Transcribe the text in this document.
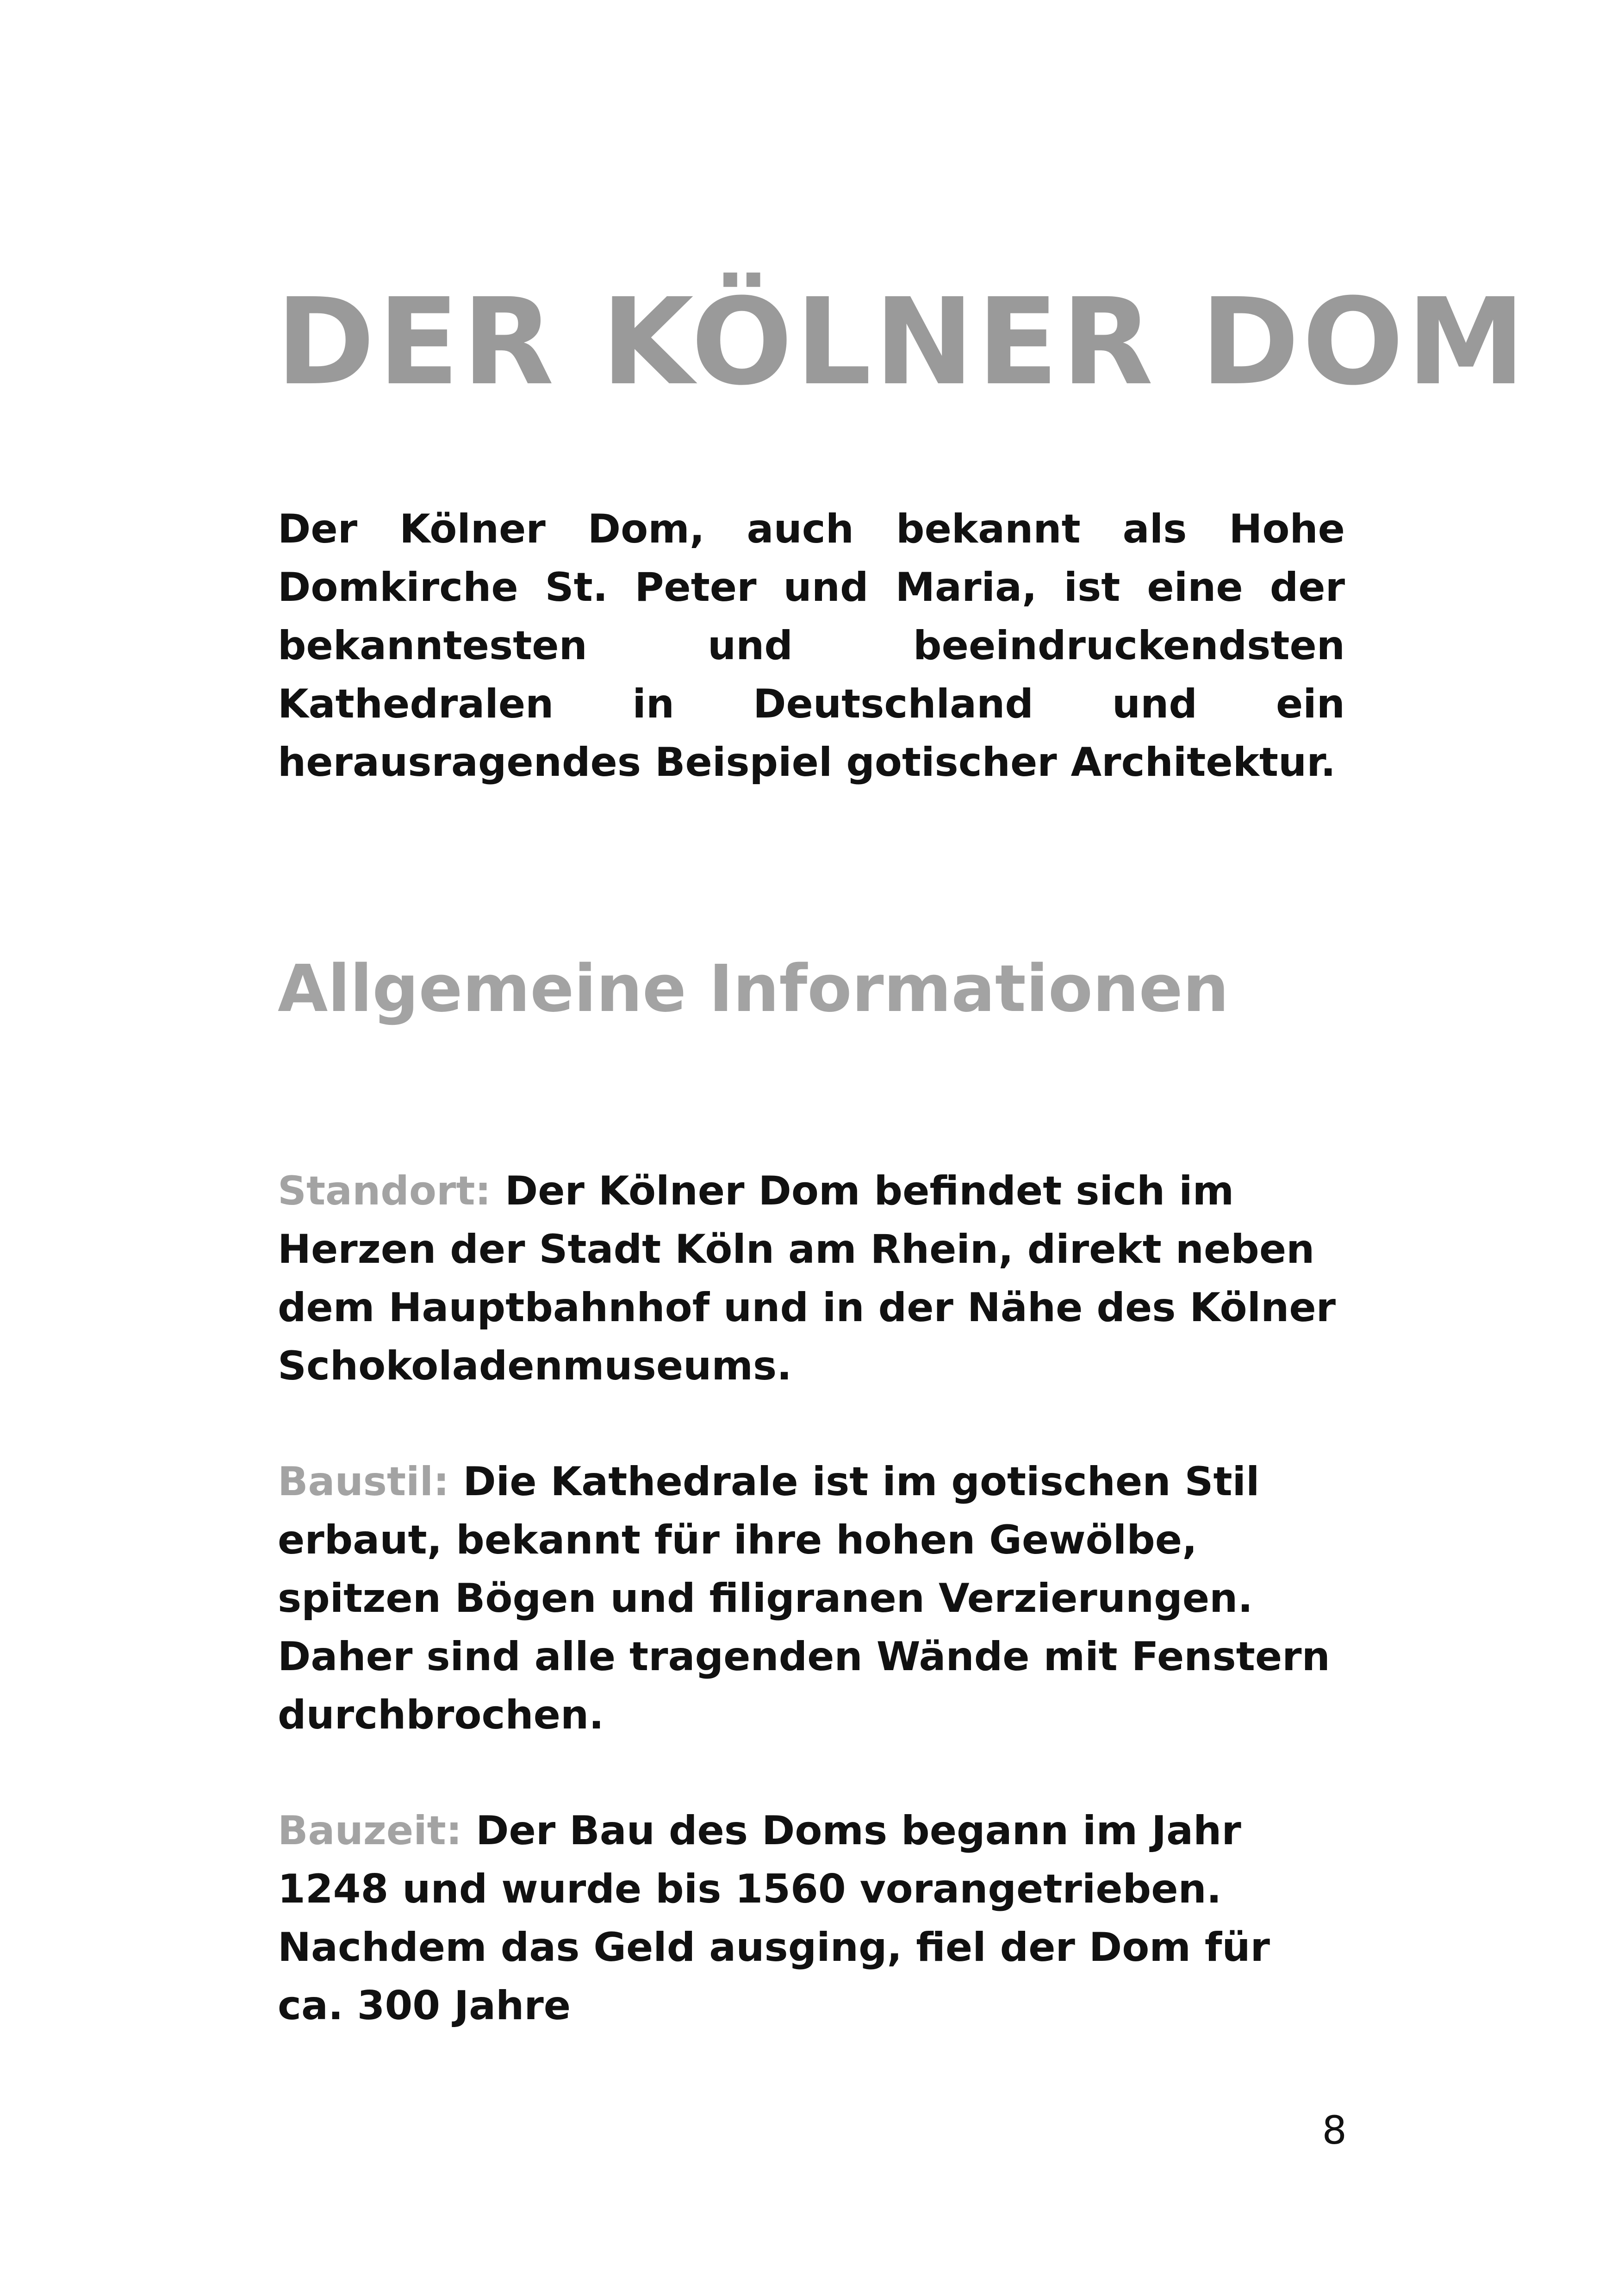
DER KÖLNER DOM

Der Kölner Dom, auch bekannt als Hohe Domkirche St. Peter und Maria, ist eine der bekanntesten und beeindruckendsten Kathedralen in Deutschland und ein herausragendes Beispiel gotischer Architektur.

Allgemeine Informationen

Standort: Der Kölner Dom befindet sich im Herzen der Stadt Köln am Rhein, direkt neben dem Hauptbahnhof und in der Nähe des Kölner Schokoladenmuseums.

Baustil: Die Kathedrale ist im gotischen Stil erbaut, bekannt für ihre hohen Gewölbe, spitzen Bögen und filigranen Verzierungen. Daher sind alle tragenden Wände mit Fenstern durchbrochen.

Bauzeit: Der Bau des Doms begann im Jahr 1248 und wurde bis 1560 vorangetrieben. Nachdem das Geld ausging, fiel der Dom für ca. 300 Jahre

8
